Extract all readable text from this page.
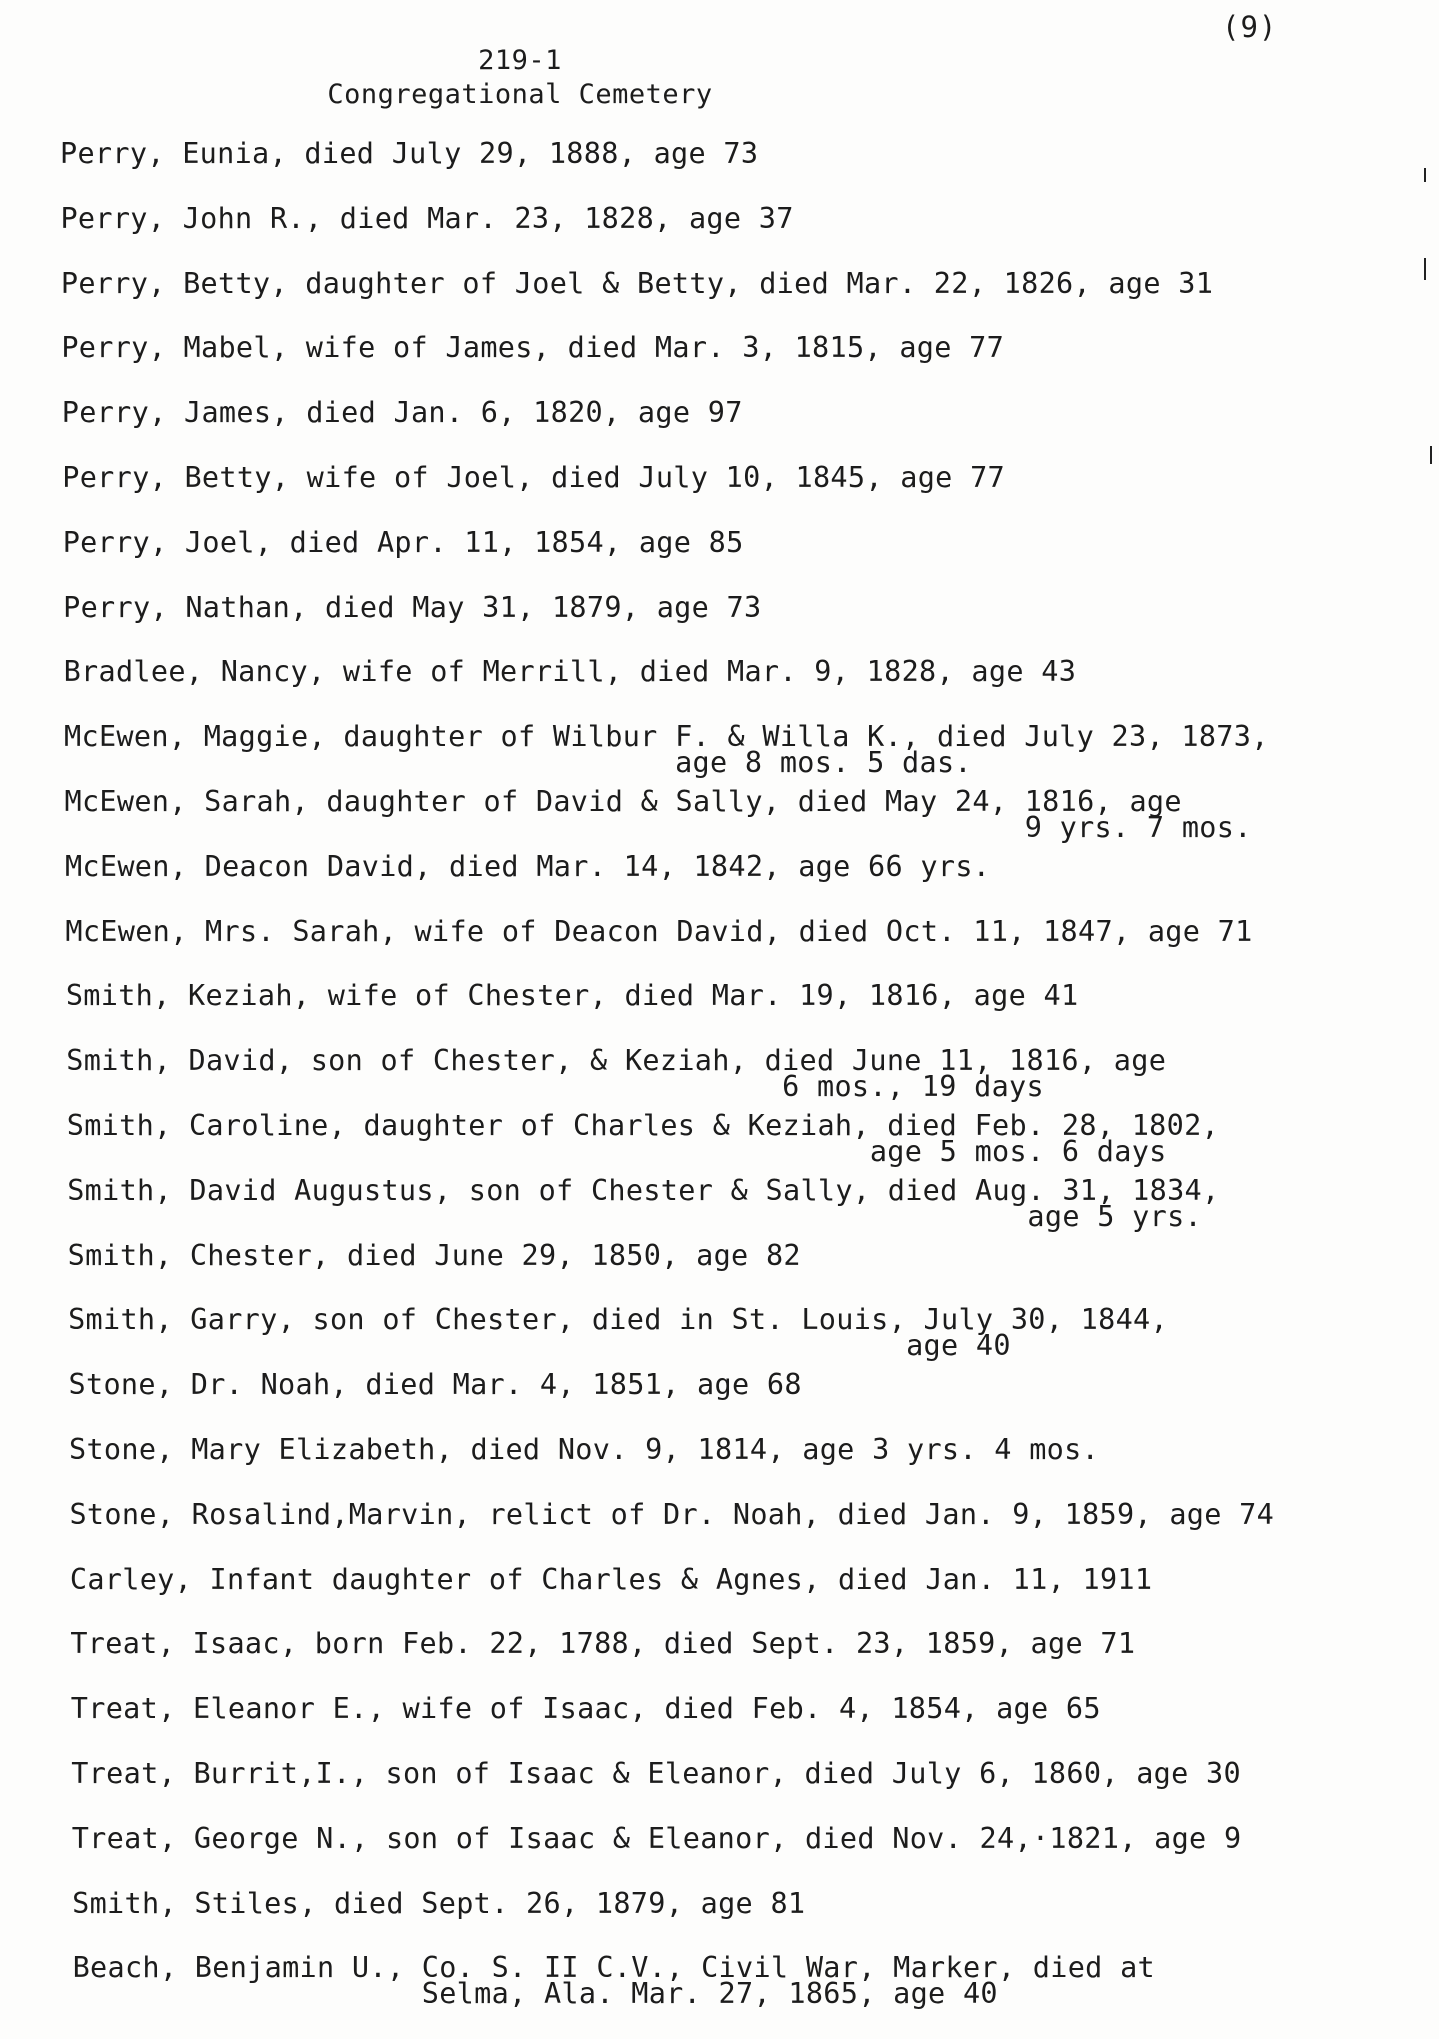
(9)
219-1
Congregational Cemetery
Perry, Eunia, died July 29, 1888, age 73
Perry, John R., died Mar. 23, 1828, age 37
Perry, Betty, daughter of Joel & Betty, died Mar. 22, 1826, age 31
Perry, Mabel, wife of James, died Mar. 3, 1815, age 77
Perry, James, died Jan. 6, 1820, age 97
Perry, Betty, wife of Joel, died July 10, 1845, age 77
Perry, Joel, died Apr. 11, 1854, age 85
Perry, Nathan, died May 31, 1879, age 73
Bradlee, Nancy, wife of Merrill, died Mar. 9, 1828, age 43
McEwen, Maggie, daughter of Wilbur F. & Willa K., died July 23, 1873,
age 8 mos. 5 das.
McEwen, Sarah, daughter of David & Sally, died May 24, 1816, age
9 yrs. 7 mos.
McEwen, Deacon David, died Mar. 14, 1842, age 66 yrs.
McEwen, Mrs. Sarah, wife of Deacon David, died Oct. 11, 1847, age 71
Smith, Keziah, wife of Chester, died Mar. 19, 1816, age 41
Smith, David, son of Chester, & Keziah, died June 11, 1816, age
6 mos., 19 days
Smith, Caroline, daughter of Charles & Keziah, died Feb. 28, 1802,
age 5 mos. 6 days
Smith, David Augustus, son of Chester & Sally, died Aug. 31, 1834,
age 5 yrs.
Smith, Chester, died June 29, 1850, age 82
Smith, Garry, son of Chester, died in St. Louis, July 30, 1844,
age 40
Stone, Dr. Noah, died Mar. 4, 1851, age 68
Stone, Mary Elizabeth, died Nov. 9, 1814, age 3 yrs. 4 mos.
Stone, Rosalind,Marvin, relict of Dr. Noah, died Jan. 9, 1859, age 74
Carley, Infant daughter of Charles & Agnes, died Jan. 11, 1911
Treat, Isaac, born Feb. 22, 1788, died Sept. 23, 1859, age 71
Treat, Eleanor E., wife of Isaac, died Feb. 4, 1854, age 65
Treat, Burrit,I., son of Isaac & Eleanor, died July 6, 1860, age 30
Treat, George N., son of Isaac & Eleanor, died Nov. 24,·1821, age 9
Smith, Stiles, died Sept. 26, 1879, age 81
Beach, Benjamin U., Co. S. II C.V., Civil War, Marker, died at
Selma, Ala. Mar. 27, 1865, age 40
